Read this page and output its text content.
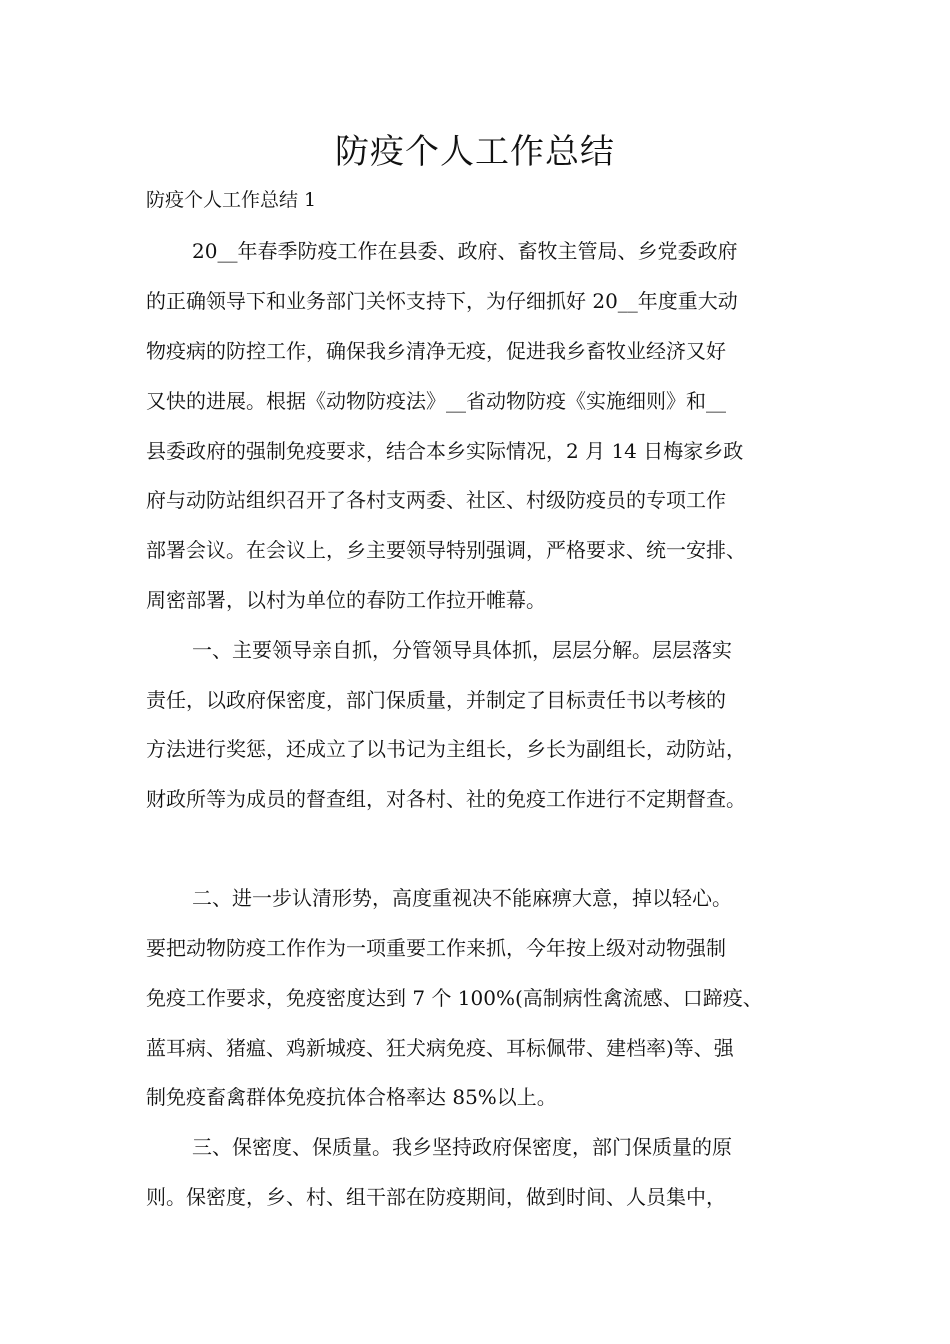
防疫个人工作总结

防疫个人工作总结 1

20__年春季防疫工作在县委、政府、畜牧主管局、乡党委政府

的正确领导下和业务部门关怀支持下，为仔细抓好 20__年度重大动

物疫病的防控工作，确保我乡清净无疫，促进我乡畜牧业经济又好

又快的进展。根据《动物防疫法》__省动物防疫《实施细则》和__

县委政府的强制免疫要求，结合本乡实际情况，2 月 14 日梅家乡政

府与动防站组织召开了各村支两委、社区、村级防疫员的专项工作

部署会议。在会议上，乡主要领导特别强调，严格要求、统一安排、

周密部署，以村为单位的春防工作拉开帷幕。

一、主要领导亲自抓，分管领导具体抓，层层分解。层层落实

责任，以政府保密度，部门保质量，并制定了目标责任书以考核的

方法进行奖惩，还成立了以书记为主组长，乡长为副组长，动防站，

财政所等为成员的督查组，对各村、社的免疫工作进行不定期督查。

二、进一步认清形势，高度重视决不能麻痹大意，掉以轻心。

要把动物防疫工作作为一项重要工作来抓，今年按上级对动物强制

免疫工作要求，免疫密度达到 7 个 100%(高制病性禽流感、口蹄疫、

蓝耳病、猪瘟、鸡新城疫、狂犬病免疫、耳标佩带、建档率)等、强

制免疫畜禽群体免疫抗体合格率达 85%以上。

三、保密度、保质量。我乡坚持政府保密度，部门保质量的原

则。保密度，乡、村、组干部在防疫期间，做到时间、人员集中，
